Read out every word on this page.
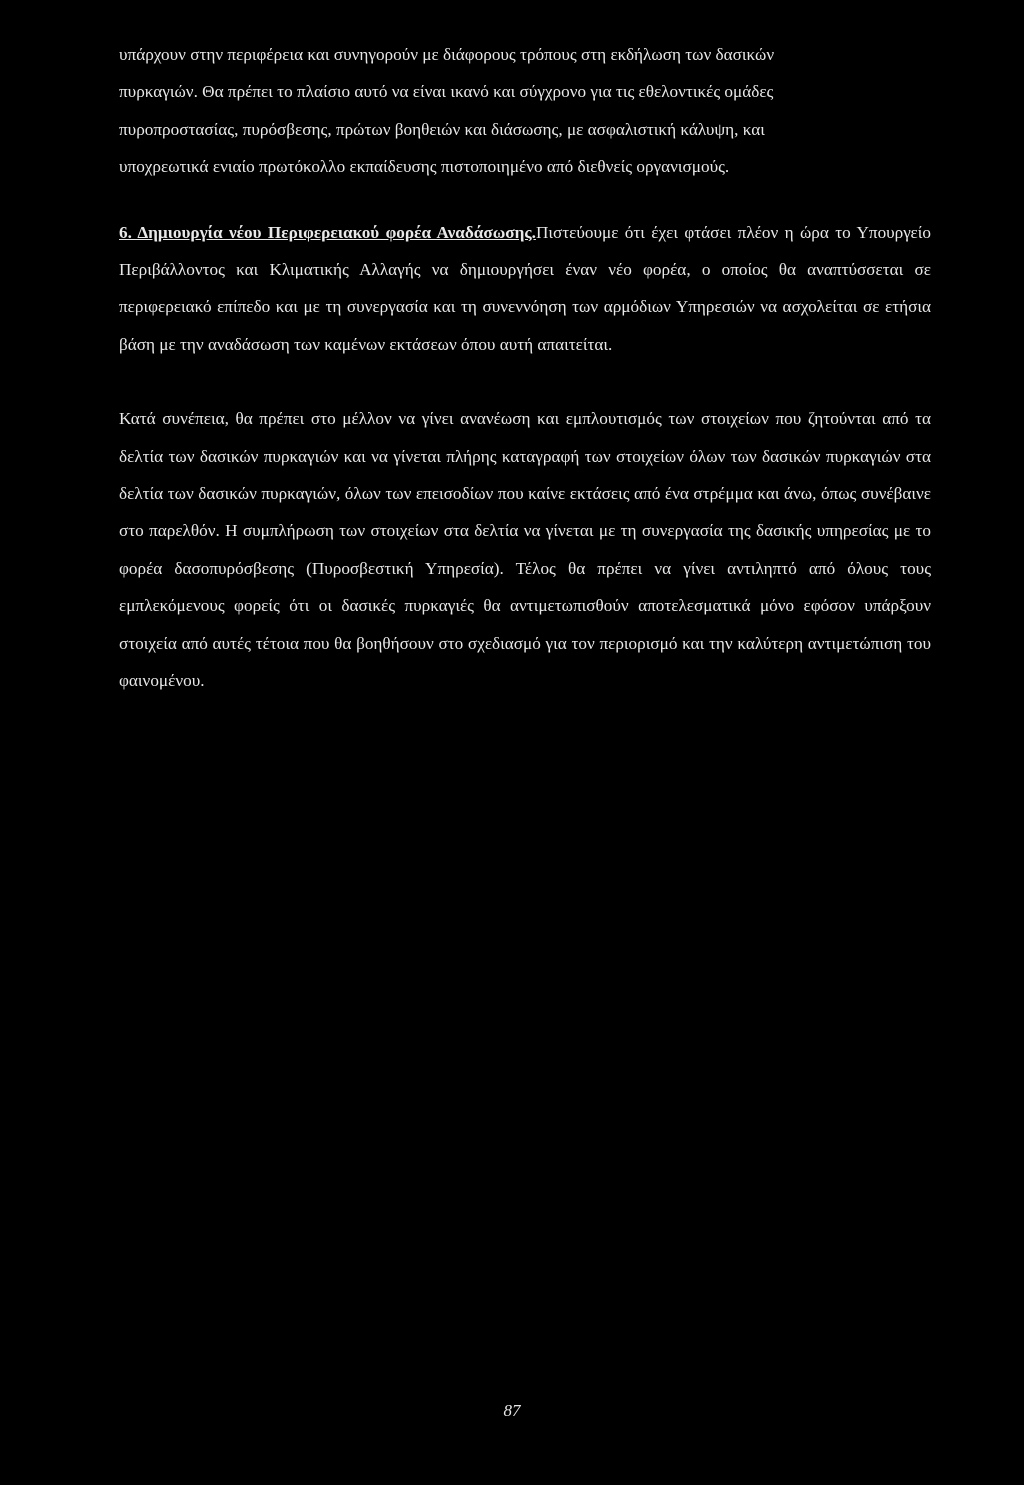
υπάρχουν στην περιφέρεια και συνηγορούν με διάφορους τρόπους στη εκδήλωση των δασικών
πυρκαγιών. Θα πρέπει το πλαίσιο αυτό να είναι ικανό και σύγχρονο για τις εθελοντικές ομάδες
πυροπροστασίας, πυρόσβεσης, πρώτων βοηθειών και διάσωσης, με ασφαλιστική κάλυψη, και
υποχρεωτικά ενιαίο πρωτόκολλο εκπαίδευσης πιστοποιημένο από διεθνείς οργανισμούς.

6. Δημιουργία νέου Περιφερειακού φορέα Αναδάσωσης.Πιστεύουμε ότι έχει φτάσει πλέον η ώρα το Υπουργείο Περιβάλλοντος και Κλιματικής Αλλαγής να δημιουργήσει έναν νέο φορέα, ο οποίος θα αναπτύσσεται σε περιφερειακό επίπεδο και με τη συνεργασία και τη συνεννόηση των αρμόδιων Υπηρεσιών να ασχολείται σε ετήσια βάση με την αναδάσωση των καμένων εκτάσεων όπου αυτή απαιτείται.

Κατά συνέπεια, θα πρέπει στο μέλλον να γίνει ανανέωση και εμπλουτισμός των στοιχείων που ζητούνται από τα δελτία των δασικών πυρκαγιών και να γίνεται πλήρης καταγραφή των στοιχείων όλων των δασικών πυρκαγιών στα δελτία των δασικών πυρκαγιών, όλων των επεισοδίων που καίνε εκτάσεις από ένα στρέμμα και άνω, όπως συνέβαινε στο παρελθόν. Η συμπλήρωση των στοιχείων στα δελτία να γίνεται με τη συνεργασία της δασικής υπηρεσίας με το φορέα δασοπυρόσβεσης (Πυροσβεστική Υπηρεσία). Τέλος θα πρέπει να γίνει αντιληπτό από όλους τους εμπλεκόμενους φορείς ότι οι δασικές πυρκαγιές θα αντιμετωπισθούν αποτελεσματικά μόνο εφόσον υπάρξουν στοιχεία από αυτές τέτοια που θα βοηθήσουν στο σχεδιασμό για τον περιορισμό και την καλύτερη αντιμετώπιση του φαινομένου.

87
